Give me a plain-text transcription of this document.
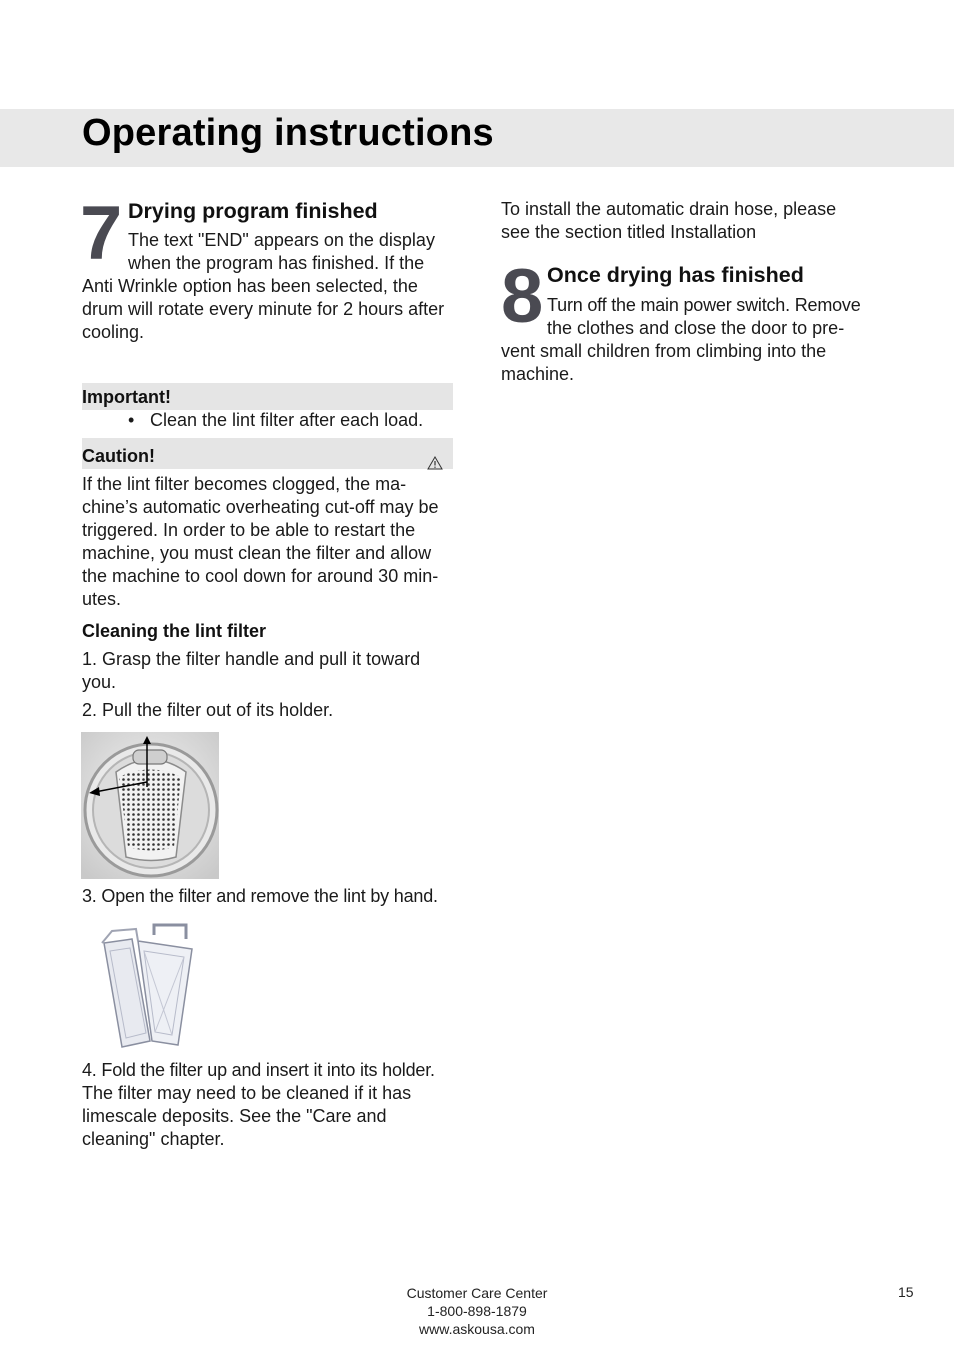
Operating instructions
7 Drying program finished
The text "END" appears on the display
when the program has finished. If the
Anti Wrinkle option has been selected, the
drum will rotate every minute for 2 hours after
cooling.
Important!
• Clean the lint filter after each load.
Caution!
If the lint filter becomes clogged, the ma-
chine’s automatic overheating cut-off may be
triggered. In order to be able to restart the
machine, you must clean the filter and allow
the machine to cool down for around 30 min-
utes.
Cleaning the lint filter
1. Grasp the filter handle and pull it toward
you.
2. Pull the filter out of its holder.
3. Open the filter and remove the lint by hand.
4. Fold the filter up and insert it into its holder.
The filter may need to be cleaned if it has
limescale deposits. See the "Care and
cleaning" chapter.
To install the automatic drain hose, please
see the section titled Installation
8 Once drying has finished
Turn off the main power switch. Remove
the clothes and close the door to pre-
vent small children from climbing into the
machine.
Customer Care Center
1-800-898-1879
www.askousa.com
15
